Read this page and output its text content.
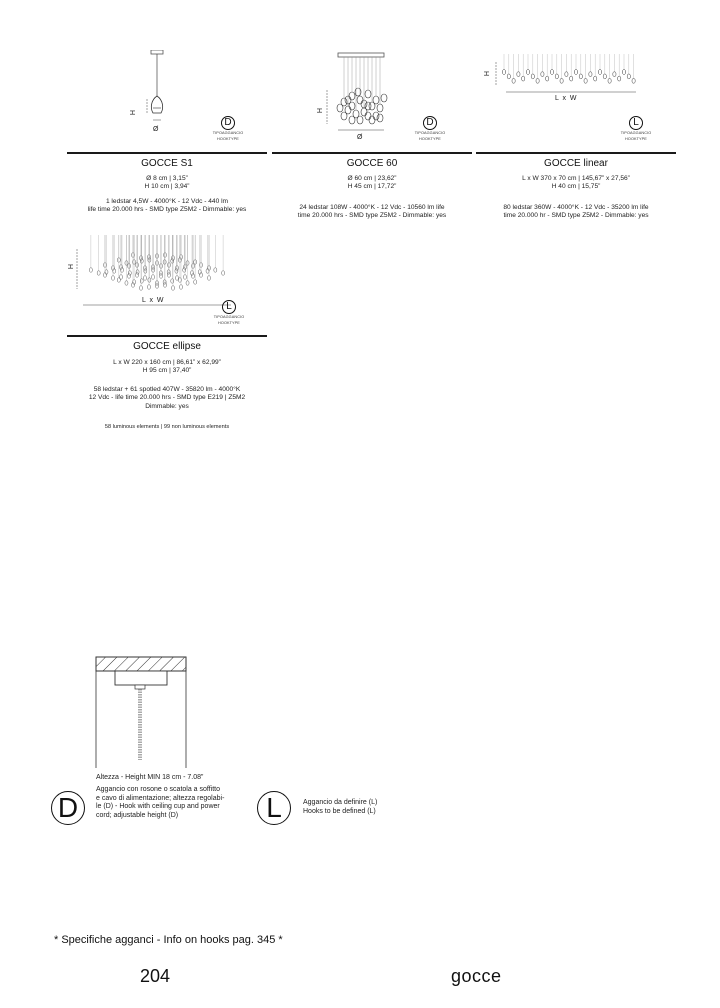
H
Ø
D
TIPOAGGANCIO
HOOKTYPE
GOCCE S1
Ø 8 cm | 3,15”
H 10 cm | 3,94”
1 ledstar 4,5W - 4000°K - 12 Vdc - 440 lm
life time 20.000 hrs - SMD type Z5M2 - Dimmable: yes
H
Ø
D
TIPOAGGANCIO
HOOKTYPE
GOCCE 60
Ø 60 cm | 23,62”
H 45 cm | 17,72”
24 ledstar 108W - 4000°K - 12 Vdc - 10560 lm life
time 20.000 hrs - SMD type Z5M2 - Dimmable: yes
H
L  x  W
L
TIPOAGGANCIO
HOOKTYPE
GOCCE linear
L x W 370 x 70 cm | 145,67” x 27,56”
H 40 cm | 15,75”
80 ledstar 360W - 4000°K - 12 Vdc - 35200 lm life
time 20.000 hr - SMD type Z5M2 - Dimmable: yes
H
L  x  W
L
TIPOAGGANCIO
HOOKTYPE
GOCCE ellipse
L x W 220 x 160 cm | 86,61” x 62,99”
H 95 cm | 37,40”
58 ledstar + 61 spotled 407W - 35820 lm - 4000°K
12 Vdc - life time 20.000 hrs - SMD type E219 | Z5M2
Dimmable: yes
58 luminous elements | 99 non luminous elements
Altezza - Height MIN 18 cm - 7.08”
D
Aggancio con rosone o scatola a soffitto
e cavo di alimentazione; altezza regolabi-
le (D) - Hook with ceiling cup and power
cord; adjustable height (D)	L	Aggancio da definire (L)
Hooks to be defined (L)
* Specifiche agganci - Info on hooks pag. 345 *
204	gocce
